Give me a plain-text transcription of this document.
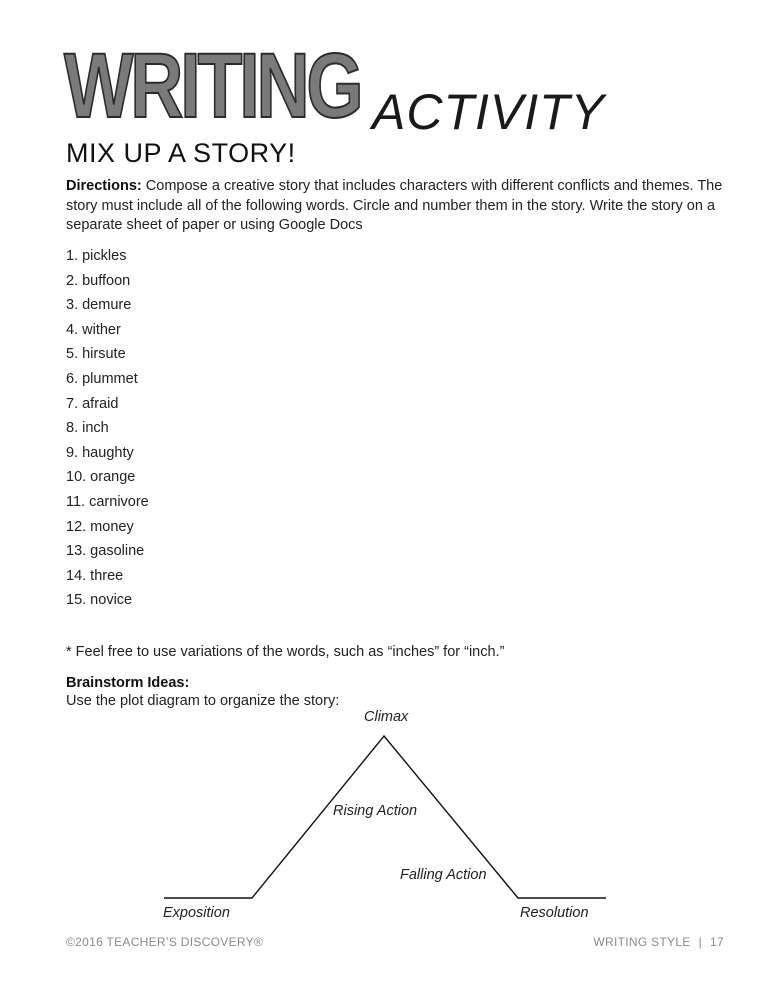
WRITING ACTIVITY
MIX UP A STORY!
Directions: Compose a creative story that includes characters with different conflicts and themes. The story must include all of the following words. Circle and number them in the story. Write the story on a separate sheet of paper or using Google Docs
1. pickles
2. buffoon
3. demure
4. wither
5. hirsute
6. plummet
7. afraid
8. inch
9. haughty
10. orange
11. carnivore
12. money
13. gasoline
14. three
15. novice
* Feel free to use variations of the words, such as “inches” for “inch.”
Brainstorm Ideas:
Use the plot diagram to organize the story:
Climax
Rising Action
Falling Action
Exposition	Resolution
©2016 TEACHER’S DISCOVERY®	WRITING STYLE | 17
